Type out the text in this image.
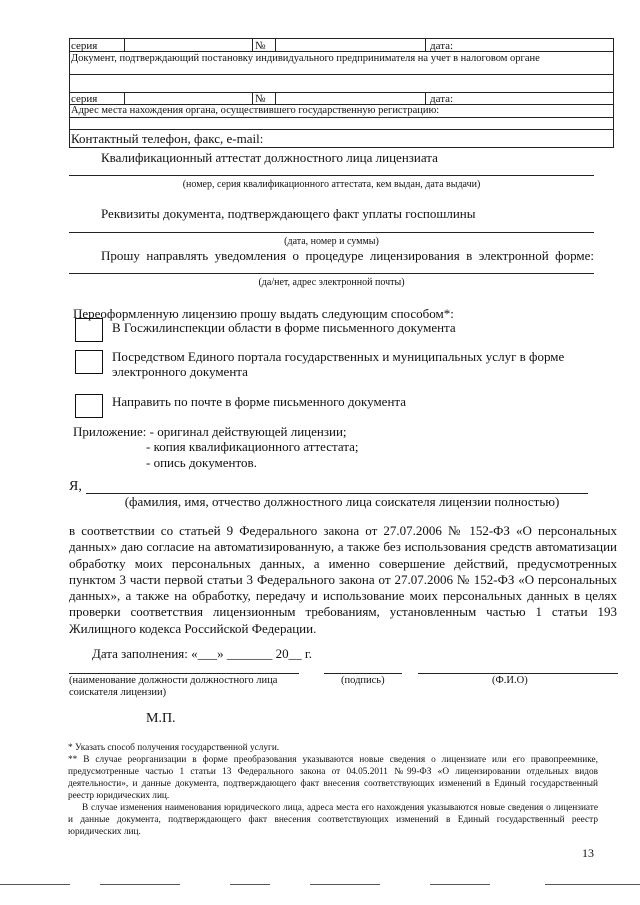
серия	№	дата:
Документ, подтверждающий постановку индивидуального предпринимателя на учет в налоговом органе
серия	№	дата:
Адрес места нахождения органа, осуществившего государственную регистрацию:
Контактный телефон, факс, e-mail:
Квалификационный аттестат должностного лица лицензиата
(номер, серия квалификационного аттестата, кем выдан, дата выдачи)
Реквизиты документа, подтверждающего факт уплаты госпошлины
(дата, номер и суммы)
Прошу направлять уведомления о процедуре лицензирования в электронной форме:
(да/нет, адрес электронной почты)
Переоформленную лицензию прошу выдать следующим способом*:
В Госжилинспекции области в форме письменного документа
Посредством Единого портала государственных и муниципальных услуг в форме
электронного документа
Направить по почте в форме письменного документа
Приложение: - оригинал действующей лицензии;
- копия квалификационного аттестата;
- опись документов.
Я,
(фамилия, имя, отчество должностного лица соискателя лицензии полностью)
в соответствии со статьей 9 Федерального закона от 27.07.2006 № 152-ФЗ «О персональных данных» даю согласие на автоматизированную, а также без использования средств автоматизации обработку моих персональных данных, а именно совершение действий, предусмотренных пунктом 3 части первой статьи 3 Федерального закона от 27.07.2006 № 152-ФЗ «О персональных данных», а также на обработку, передачу и использование моих персональных данных в целях проверки соответствия лицензионным требованиям, установленным частью 1 статьи 193 Жилищного кодекса Российской Федерации.
Дата заполнения: «___» _______ 20__ г.
(наименование должности должностного лица
соискателя лицензии)
(подпись)	(Ф.И.О)
М.П.

* Указать способ получения государственной услуги.

** В случае реорганизации в форме преобразования указываются новые сведения о лицензиате или его правопреемнике, предусмотренные частью 1 статьи 13 Федерального закона от 04.05.2011 №99-ФЗ «О лицензировании отдельных видов деятельности», и данные документа, подтверждающего факт внесения соответствующих изменений в Единый государственный реестр юридических лиц.

В случае изменения наименования юридического лица, адреса места его нахождения указываются новые сведения о лицензиате и данные документа, подтверждающего факт внесения соответствующих изменений в Единый государственный реестр юридических лиц.

13
